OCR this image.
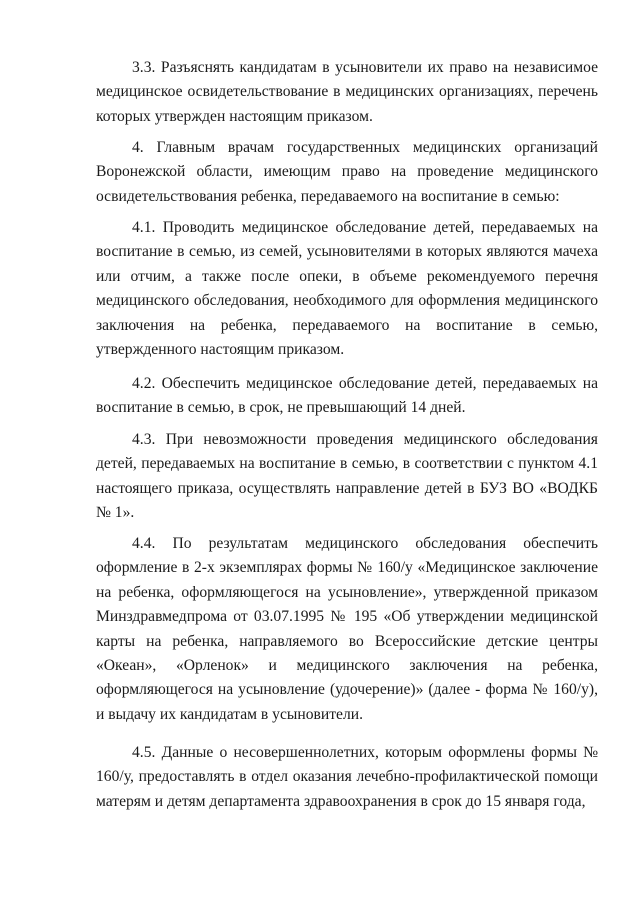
3.3. Разъяснять кандидатам в усыновители их право на независимое медицинское освидетельствование в медицинских организациях, перечень которых утвержден настоящим приказом.

4. Главным врачам государственных медицинских организаций Воронежской области, имеющим право на проведение медицинского освидетельствования ребенка, передаваемого на воспитание в семью:

4.1. Проводить медицинское обследование детей, передаваемых на воспитание в семью, из семей, усыновителями в которых являются мачеха или отчим, а также после опеки, в объеме рекомендуемого перечня медицинского обследования, необходимого для оформления медицинского заключения на ребенка, передаваемого на воспитание в семью, утвержденного настоящим приказом.

4.2. Обеспечить медицинское обследование детей, передаваемых на воспитание в семью, в срок, не превышающий 14 дней.

4.3. При невозможности проведения медицинского обследования детей, передаваемых на воспитание в семью, в соответствии с пунктом 4.1 настоящего приказа, осуществлять направление детей в БУЗ ВО «ВОДКБ № 1».

4.4. По результатам медицинского обследования обеспечить оформление в 2-х экземплярах формы № 160/у «Медицинское заключение на ребенка, оформляющегося на усыновление», утвержденной приказом Минздравмедпрома от 03.07.1995 № 195 «Об утверждении медицинской карты на ребенка, направляемого во Всероссийские детские центры «Океан», «Орленок» и медицинского заключения на ребенка, оформляющегося на усыновление (удочерение)» (далее - форма № 160/у), и выдачу их кандидатам в усыновители.

4.5. Данные о несовершеннолетних, которым оформлены формы № 160/у, предоставлять в отдел оказания лечебно-профилактической помощи матерям и детям департамента здравоохранения в срок до 15 января года,
